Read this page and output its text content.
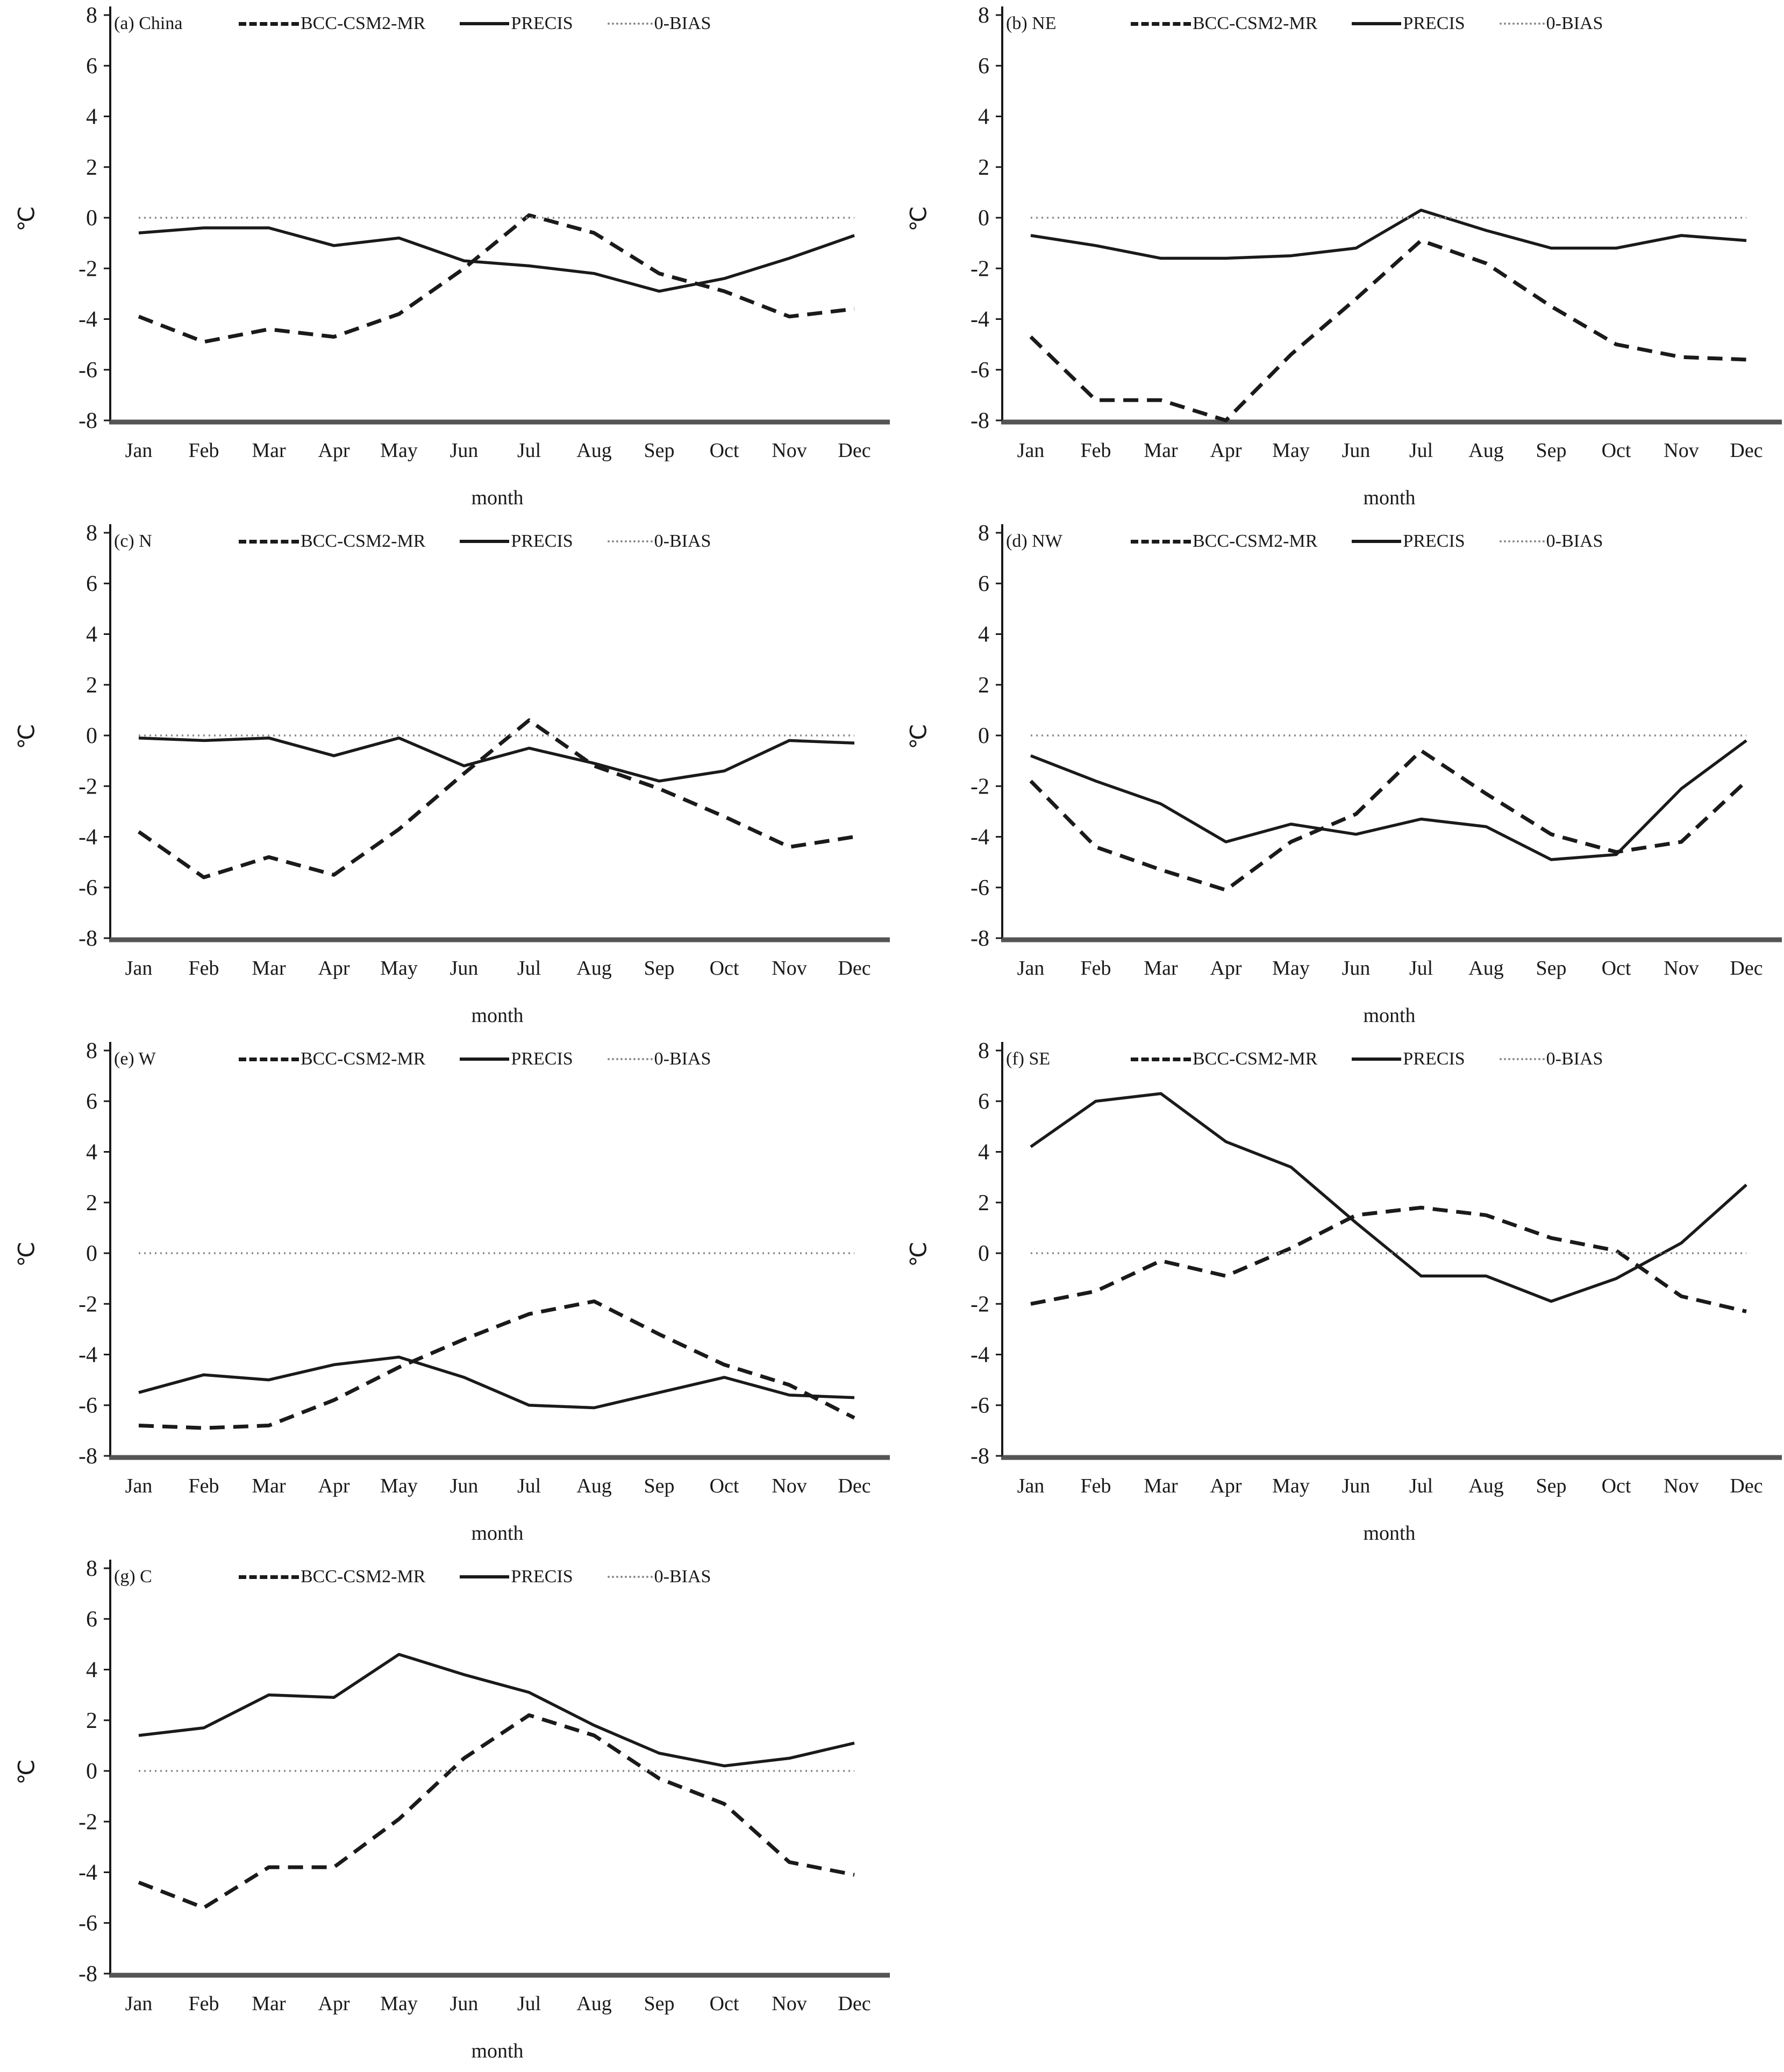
℃
(a) China	BCC-CSM2-MR	PRECIS	0-BIAS
8
6
4
2
0
-2
-4
-6
-8
Jan Feb Mar Apr May Jun Jul Aug Sep Oct Nov Dec
month
℃
(b) NE	BCC-CSM2-MR	PRECIS	0-BIAS
8
6
4
2
0
-2
-4
-6
-8
Jan Feb Mar Apr May Jun Jul Aug Sep Oct Nov Dec
month
℃
(c) N	BCC-CSM2-MR	PRECIS	0-BIAS
8
6
4
2
0
-2
-4
-6
-8
Jan Feb Mar Apr May Jun Jul Aug Sep Oct Nov Dec
month
℃
(d) NW	BCC-CSM2-MR	PRECIS	0-BIAS
8
6
4
2
0
-2
-4
-6
-8
Jan Feb Mar Apr May Jun Jul Aug Sep Oct Nov Dec
month
℃
(e) W	BCC-CSM2-MR	PRECIS	0-BIAS
8
6
4
2
0
-2
-4
-6
-8
Jan Feb Mar Apr May Jun Jul Aug Sep Oct Nov Dec
month
℃
(f) SE	BCC-CSM2-MR	PRECIS	0-BIAS
8
6
4
2
0
-2
-4
-6
-8
Jan Feb Mar Apr May Jun Jul Aug Sep Oct Nov Dec
month
℃
(g) C	BCC-CSM2-MR	PRECIS	0-BIAS
8
6
4
2
0
-2
-4
-6
-8
Jan Feb Mar Apr May Jun Jul Aug Sep Oct Nov Dec
month
